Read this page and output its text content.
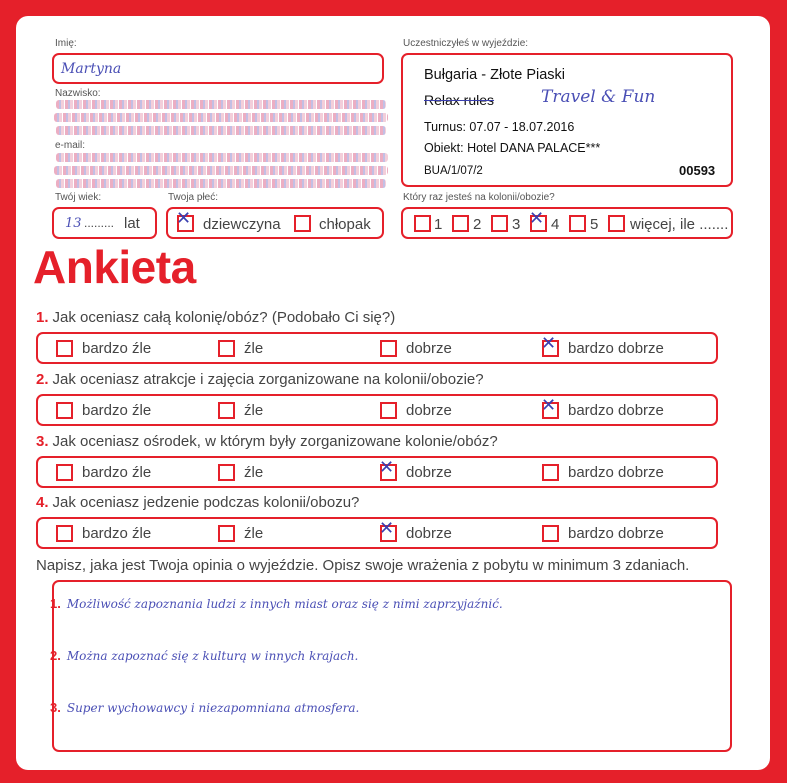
Imię:
Martyna
Nazwisko:
e-mail:
Twój wiek:
13 ......... lat
Twoja płeć:
✕ dziewczyna	chłopak
Uczestniczyłeś w wyjeździe:
Bułgaria - Złote Piaski
Relax rules	Travel & Fun
Turnus: 07.07 - 18.07.2016
Obiekt: Hotel DANA PALACE***
BUA/1/07/2	00593
Który raz jesteś na kolonii/obozie?
1 2 3 ✕ 4 5 więcej, ile .......
Ankieta
1. Jak oceniasz całą kolonię/obóz? (Podobało Ci się?)
bardzo źle	źle	dobrze	✕ bardzo dobrze
2. Jak oceniasz atrakcje i zajęcia zorganizowane na kolonii/obozie?
bardzo źle	źle	dobrze	✕ bardzo dobrze
3. Jak oceniasz ośrodek, w którym były zorganizowane kolonie/obóz?
bardzo źle	źle	✕ dobrze	bardzo dobrze
4. Jak oceniasz jedzenie podczas kolonii/obozu?
bardzo źle	źle	✕ dobrze	bardzo dobrze
Napisz, jaka jest Twoja opinia o wyjeździe. Opisz swoje wrażenia z pobytu w minimum 3 zdaniach.
1. Możliwość zapoznania ludzi z innych miast oraz się z nimi zaprzyjaźnić.
2. Można zapoznać się z kulturą w innych krajach.
3. Super wychowawcy i niezapomniana atmosfera.
